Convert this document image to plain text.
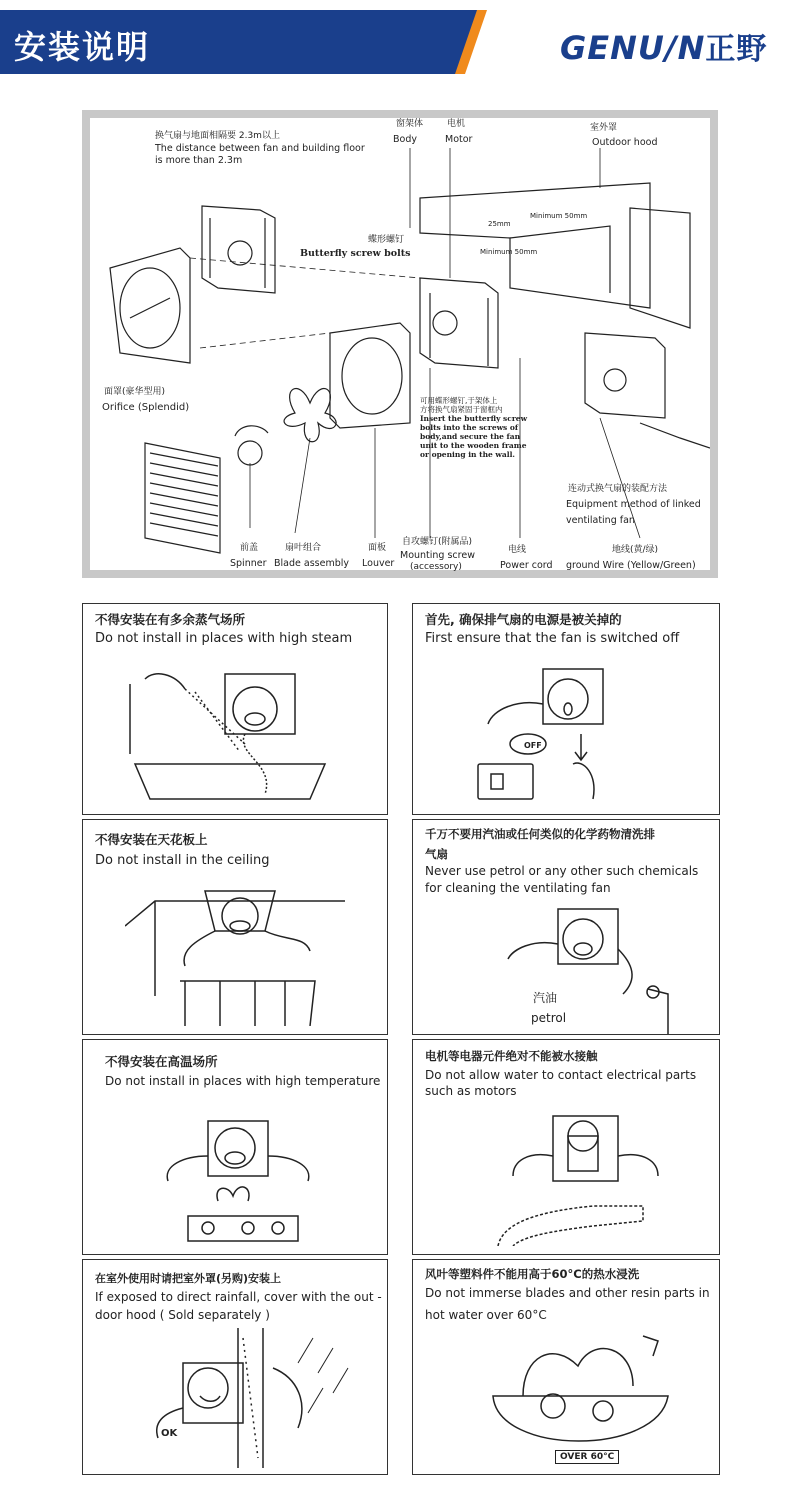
安装说明	GENU/N正野
换气扇与地面相隔要 2.3m以上
The distance between fan and building floor
is more than 2.3m
窗架体
Body
电机
Motor
室外罩
Outdoor hood
蝶形螺钉
Butterfly screw bolts	Minimum 50mm
Minimum 50mm
25mm
面罩(豪华型用)
Orifice (Splendid)
可用蝶形螺钉,于架体上
方将换气扇紧固于窗框内
Insert the butterfly screw
bolts into the screws of
body,and secure the fan
unit to the wooden frame
or opening in the wall.
连动式换气扇的装配方法
Equipment method of linked
ventilating fan
前盖
Spinner
扇叶组合
Blade assembly
面板
Louver
自攻螺钉(附属品)
Mounting screw
(accessory)
电线
Power cord
地线(黄/绿)
ground Wire (Yellow/Green)
不得安装在有多余蒸气场所
Do not install in places with high steam
首先, 确保排气扇的电源是被关掉的
First ensure that the fan is switched off
OFF
不得安装在天花板上
Do not install in the ceiling
千万不要用汽油或任何类似的化学药物清洗排
气扇
Never use petrol or any other such chemicals
for cleaning the ventilating fan
汽油
petrol
不得安装在高温场所
Do not install in places with high temperature
电机等电器元件绝对不能被水接触
Do not allow water to contact electrical parts
such as motors
在室外使用时请把室外罩(另购)安装上
If exposed to direct rainfall, cover with the out -
door hood ( Sold separately )
OK
风叶等塑料件不能用高于60°C的热水浸洗
Do not immerse blades and other resin parts in
hot water over 60°C
OVER 60°C
